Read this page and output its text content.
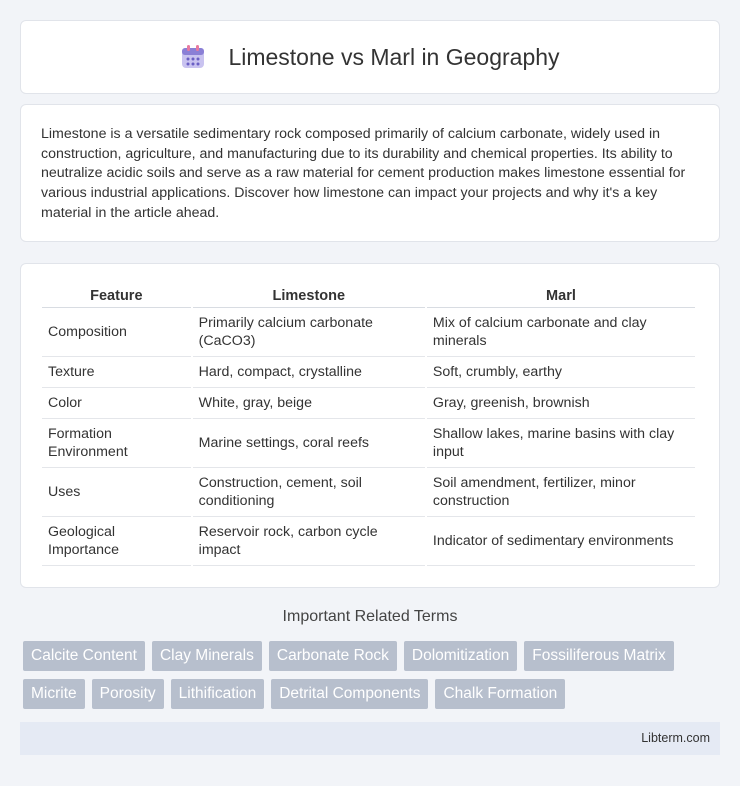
Limestone vs Marl in Geography

Limestone is a versatile sedimentary rock composed primarily of calcium carbonate, widely used in construction, agriculture, and manufacturing due to its durability and chemical properties. Its ability to neutralize acidic soils and serve as a raw material for cement production makes limestone essential for various industrial applications. Discover how limestone can impact your projects and why it's a key material in the article ahead.

Feature	Limestone	Marl
Composition	Primarily calcium carbonate (CaCO3)	Mix of calcium carbonate and clay minerals
Texture	Hard, compact, crystalline	Soft, crumbly, earthy
Color	White, gray, beige	Gray, greenish, brownish
Formation Environment	Marine settings, coral reefs	Shallow lakes, marine basins with clay input
Uses	Construction, cement, soil conditioning	Soil amendment, fertilizer, minor construction
Geological Importance	Reservoir rock, carbon cycle impact	Indicator of sedimentary environments
Important Related Terms
Calcite Content	Clay Minerals	Carbonate Rock	Dolomitization	Fossiliferous Matrix
Micrite	Porosity	Lithification	Detrital Components	Chalk Formation
Libterm.com
